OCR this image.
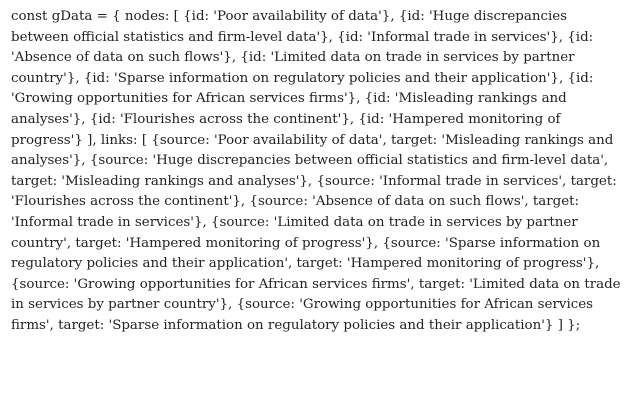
const gData = { nodes: [ {id: 'Poor availability of data'}, {id: 'Huge discrepancies between official statistics and firm-level data'}, {id: 'Informal trade in services'}, {id: 'Absence of data on such flows'}, {id: 'Limited data on trade in services by partner country'}, {id: 'Sparse information on regulatory policies and their application'}, {id: 'Growing opportunities for African services firms'}, {id: 'Misleading rankings and analyses'}, {id: 'Flourishes across the continent'}, {id: 'Hampered monitoring of progress'} ], links: [ {source: 'Poor availability of data', target: 'Misleading rankings and analyses'}, {source: 'Huge discrepancies between official statistics and firm-level data', target: 'Misleading rankings and analyses'}, {source: 'Informal trade in services', target: 'Flourishes across the continent'}, {source: 'Absence of data on such flows', target: 'Informal trade in services'}, {source: 'Limited data on trade in services by partner country', target: 'Hampered monitoring of progress'}, {source: 'Sparse information on regulatory policies and their application', target: 'Hampered monitoring of progress'}, {source: 'Growing opportunities for African services firms', target: 'Limited data on trade in services by partner country'}, {source: 'Growing opportunities for African services firms', target: 'Sparse information on regulatory policies and their application'} ] };
